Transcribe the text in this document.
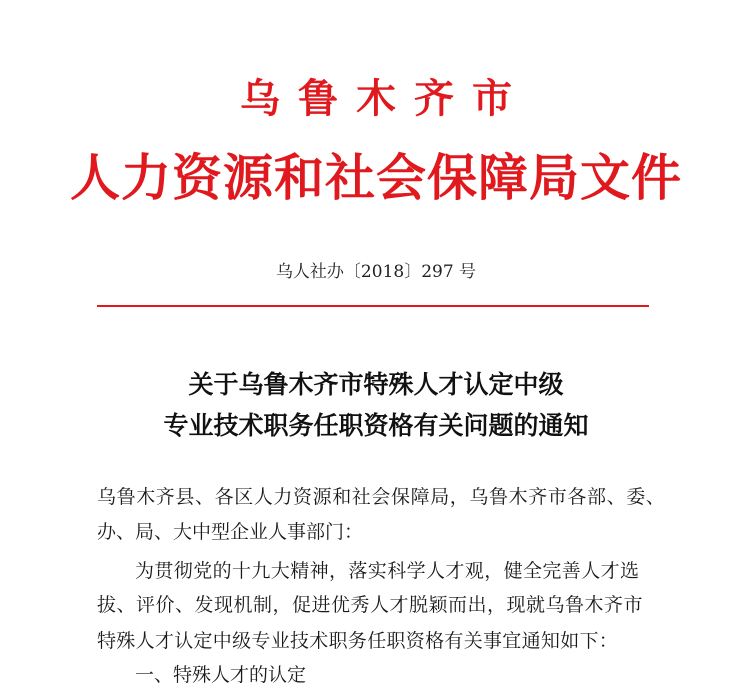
乌鲁木齐市
人力资源和社会保障局文件
乌人社办〔2018〕297 号
关于乌鲁木齐市特殊人才认定中级
专业技术职务任职资格有关问题的通知
乌鲁木齐县、各区人力资源和社会保障局，乌鲁木齐市各部、委、
办、局、大中型企业人事部门：
为贯彻党的十九大精神，落实科学人才观，健全完善人才选
拔、评价、发现机制，促进优秀人才脱颖而出，现就乌鲁木齐市
特殊人才认定中级专业技术职务任职资格有关事宜通知如下：
一、特殊人才的认定
